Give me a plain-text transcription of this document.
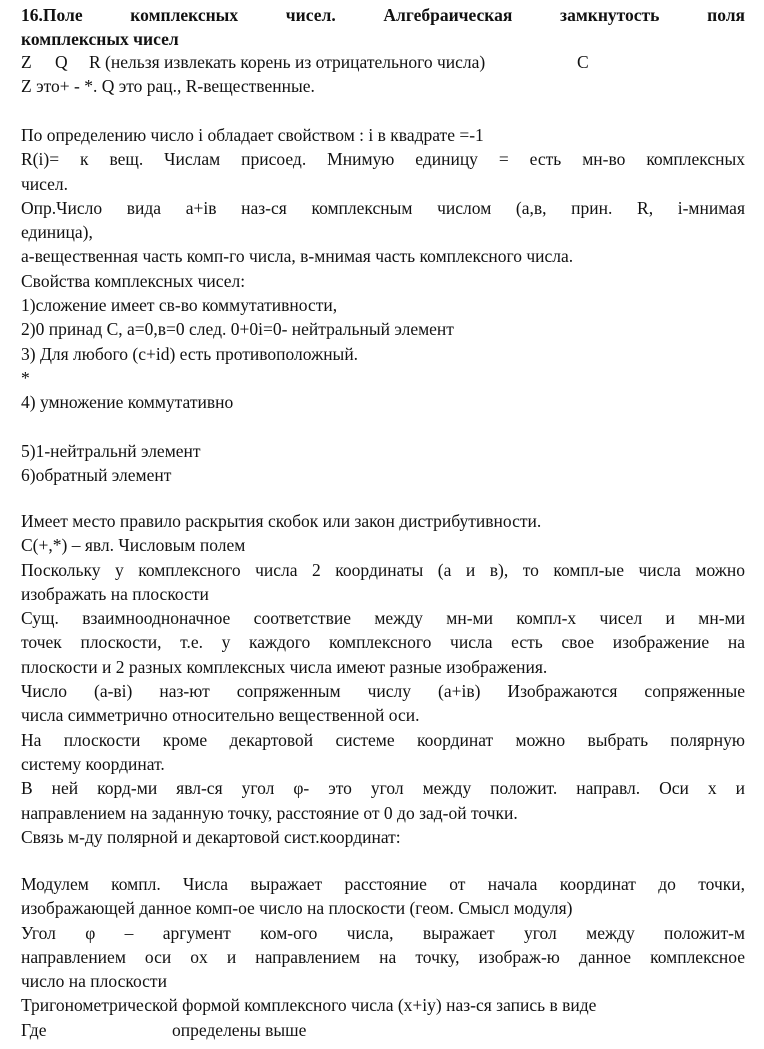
16.Поле комплексных чисел. Алгебраическая замкнутость поля
комплексных чисел
Z Q R (нельзя извлекать корень из отрицательного числа)	C
Z это+ - *. Q это рац., R-вещественные.
По определению число i обладает свойством : i в квадрате =-1
R(i)= к вещ. Числам присоед. Мнимую единицу = есть мн-во комплексных
чисел.
Опр.Число вида a+iв наз-ся комплексным числом (a,в, прин. R, i-мнимая
единица),
а-вещественная часть комп-го числа, в-мнимая часть комплексного числа.
Свойства комплексных чисел:
1)сложение имеет св-во коммутативности,
2)0 принад C, a=0,в=0 след. 0+0i=0- нейтральный элемент
3) Для любого (c+id) есть противоположный.
*
4) умножение коммутативно
5)1-нейтральнй элемент
6)обратный элемент
Имеет место правило раскрытия скобок или закон дистрибутивности.
C(+,*) – явл. Числовым полем
Поскольку у комплексного числа 2 координаты (а и в), то компл-ые числа можно
изображать на плоскости
Сущ. взаимноодноначное соответствие между мн-ми компл-х чисел и мн-ми
точек плоскости, т.е. у каждого комплексного числа есть свое изображение на
плоскости и 2 разных комплексных числа имеют разные изображения.
Число (а-вi) наз-ют сопряженным числу (а+iв) Изображаются сопряженные
числа симметрично относительно вещественной оси.
На плоскости кроме декартовой системе координат можно выбрать полярную
систему координат.
В ней корд-ми явл-ся угол φ- это угол между положит. направл. Оси x и
направлением на заданную точку, расстояние от 0 до зад-ой точки.
Связь м-ду полярной и декартовой сист.координат:
Модулем компл. Числа выражает расстояние от начала координат до точки,
изображающей данное комп-ое число на плоскости (геом. Смысл модуля)
Угол φ – аргумент ком-ого числа, выражает угол между положит-м
направлением оси ox и направлением на точку, изображ-ю данное комплексное
число на плоскости
Тригонометрической формой комплексного числа (x+iy) наз-ся запись в виде
Где	определены выше
